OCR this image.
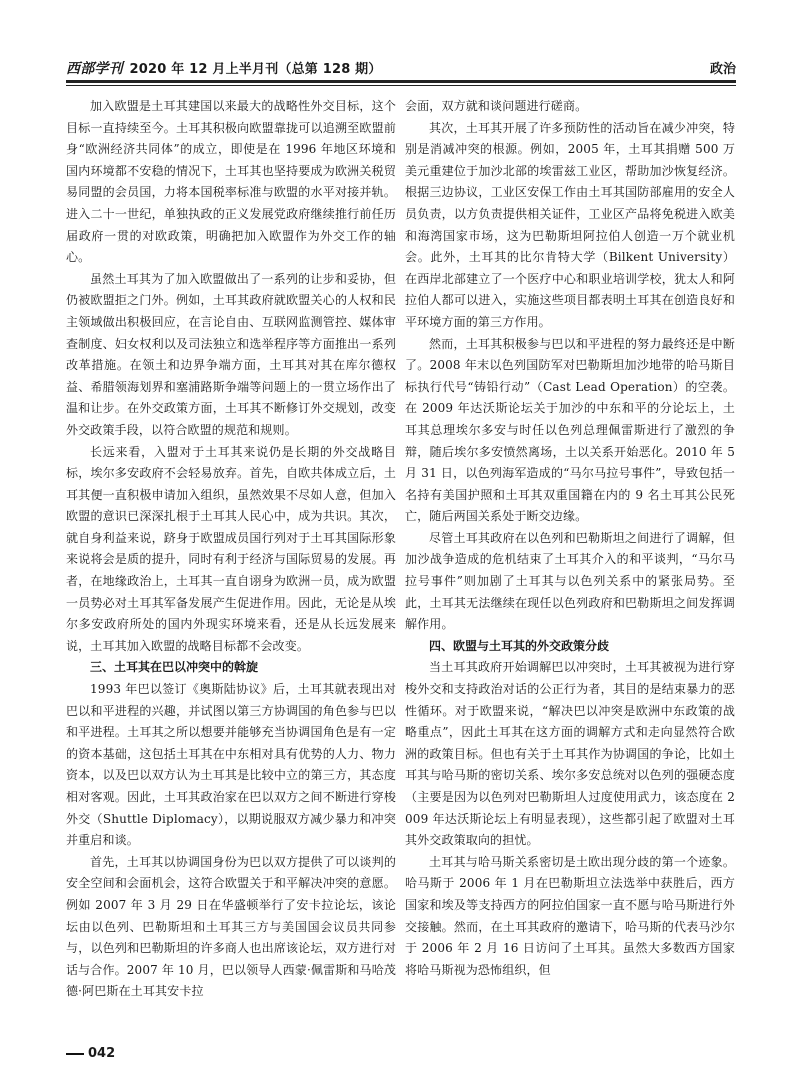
西部学刊 2020 年 12 月上半月刊（总第 128 期）	政治

加入欧盟是土耳其建国以来最大的战略性外交目标，这个目标一直持续至今。土耳其积极向欧盟靠拢可以追溯至欧盟前身“欧洲经济共同体”的成立，即使是在 1996 年地区环境和国内环境都不安稳的情况下，土耳其也坚持要成为欧洲关税贸易同盟的会员国，力将本国税率标准与欧盟的水平对接并轨。进入二十一世纪，单独执政的正义发展党政府继续推行前任历届政府一贯的对欧政策，明确把加入欧盟作为外交工作的轴心。

虽然土耳其为了加入欧盟做出了一系列的让步和妥协，但仍被欧盟拒之门外。例如，土耳其政府就欧盟关心的人权和民主领域做出积极回应，在言论自由、互联网监测管控、媒体审查制度、妇女权利以及司法独立和选举程序等方面推出一系列改革措施。在领土和边界争端方面，土耳其对其在库尔德权益、希腊领海划界和塞浦路斯争端等问题上的一贯立场作出了温和让步。在外交政策方面，土耳其不断修订外交规划，改变外交政策手段，以符合欧盟的规范和规则。

长远来看，入盟对于土耳其来说仍是长期的外交战略目标，埃尔多安政府不会轻易放弃。首先，自欧共体成立后，土耳其便一直积极申请加入组织，虽然效果不尽如人意，但加入欧盟的意识已深深扎根于土耳其人民心中，成为共识。其次，就自身利益来说，跻身于欧盟成员国行列对于土耳其国际形象来说将会是质的提升，同时有利于经济与国际贸易的发展。再者，在地缘政治上，土耳其一直自诩身为欧洲一员，成为欧盟一员势必对土耳其军备发展产生促进作用。因此，无论是从埃尔多安政府所处的国内外现实环境来看，还是从长远发展来说，土耳其加入欧盟的战略目标都不会改变。

三、土耳其在巴以冲突中的斡旋

1993 年巴以签订《奥斯陆协议》后，土耳其就表现出对巴以和平进程的兴趣，并试图以第三方协调国的角色参与巴以和平进程。土耳其之所以想要并能够充当协调国角色是有一定的资本基础，这包括土耳其在中东相对具有优势的人力、物力资本，以及巴以双方认为土耳其是比较中立的第三方，其态度相对客观。因此，土耳其政治家在巴以双方之间不断进行穿梭外交（Shuttle Diplomacy），以期说服双方减少暴力和冲突并重启和谈。

首先，土耳其以协调国身份为巴以双方提供了可以谈判的安全空间和会面机会，这符合欧盟关于和平解决冲突的意愿。例如 2007 年 3 月 29 日在华盛顿举行了安卡拉论坛，该论坛由以色列、巴勒斯坦和土耳其三方与美国国会议员共同参与，以色列和巴勒斯坦的许多商人也出席该论坛，双方进行对话与合作。2007 年 10 月，巴以领导人西蒙·佩雷斯和马哈茂德·阿巴斯在土耳其安卡拉

会面，双方就和谈问题进行磋商。

其次，土耳其开展了许多预防性的活动旨在减少冲突，特别是消减冲突的根源。例如，2005 年，土耳其捐赠 500 万美元重建位于加沙北部的埃雷兹工业区，帮助加沙恢复经济。根据三边协议，工业区安保工作由土耳其国防部雇用的安全人员负责，以方负责提供相关证件，工业区产品将免税进入欧美和海湾国家市场，这为巴勒斯坦阿拉伯人创造一万个就业机会。此外，土耳其的比尔肯特大学（Bilkent University）在西岸北部建立了一个医疗中心和职业培训学校，犹太人和阿拉伯人都可以进入，实施这些项目都表明土耳其在创造良好和平环境方面的第三方作用。

然而，土耳其积极参与巴以和平进程的努力最终还是中断了。2008 年末以色列国防军对巴勒斯坦加沙地带的哈马斯目标执行代号“铸铅行动”（Cast Lead Operation）的空袭。在 2009 年达沃斯论坛关于加沙的中东和平的分论坛上，土耳其总理埃尔多安与时任以色列总理佩雷斯进行了激烈的争辩，随后埃尔多安愤然离场，土以关系开始恶化。2010 年 5 月 31 日，以色列海军造成的“马尔马拉号事件”，导致包括一名持有美国护照和土耳其双重国籍在内的 9 名土耳其公民死亡，随后两国关系处于断交边缘。

尽管土耳其政府在以色列和巴勒斯坦之间进行了调解，但加沙战争造成的危机结束了土耳其介入的和平谈判，“马尔马拉号事件”则加剧了土耳其与以色列关系中的紧张局势。至此，土耳其无法继续在现任以色列政府和巴勒斯坦之间发挥调解作用。

四、欧盟与土耳其的外交政策分歧

当土耳其政府开始调解巴以冲突时，土耳其被视为进行穿梭外交和支持政治对话的公正行为者，其目的是结束暴力的恶性循环。对于欧盟来说，“解决巴以冲突是欧洲中东政策的战略重点”，因此土耳其在这方面的调解方式和走向显然符合欧洲的政策目标。但也有关于土耳其作为协调国的争论，比如土耳其与哈马斯的密切关系、埃尔多安总统对以色列的强硬态度（主要是因为以色列对巴勒斯坦人过度使用武力，该态度在 2009 年达沃斯论坛上有明显表现），这些都引起了欧盟对土耳其外交政策取向的担忧。

土耳其与哈马斯关系密切是土欧出现分歧的第一个迹象。哈马斯于 2006 年 1 月在巴勒斯坦立法选举中获胜后，西方国家和埃及等支持西方的阿拉伯国家一直不愿与哈马斯进行外交接触。然而，在土耳其政府的邀请下，哈马斯的代表马沙尔于 2006 年 2 月 16 日访问了土耳其。虽然大多数西方国家将哈马斯视为恐怖组织，但

042
